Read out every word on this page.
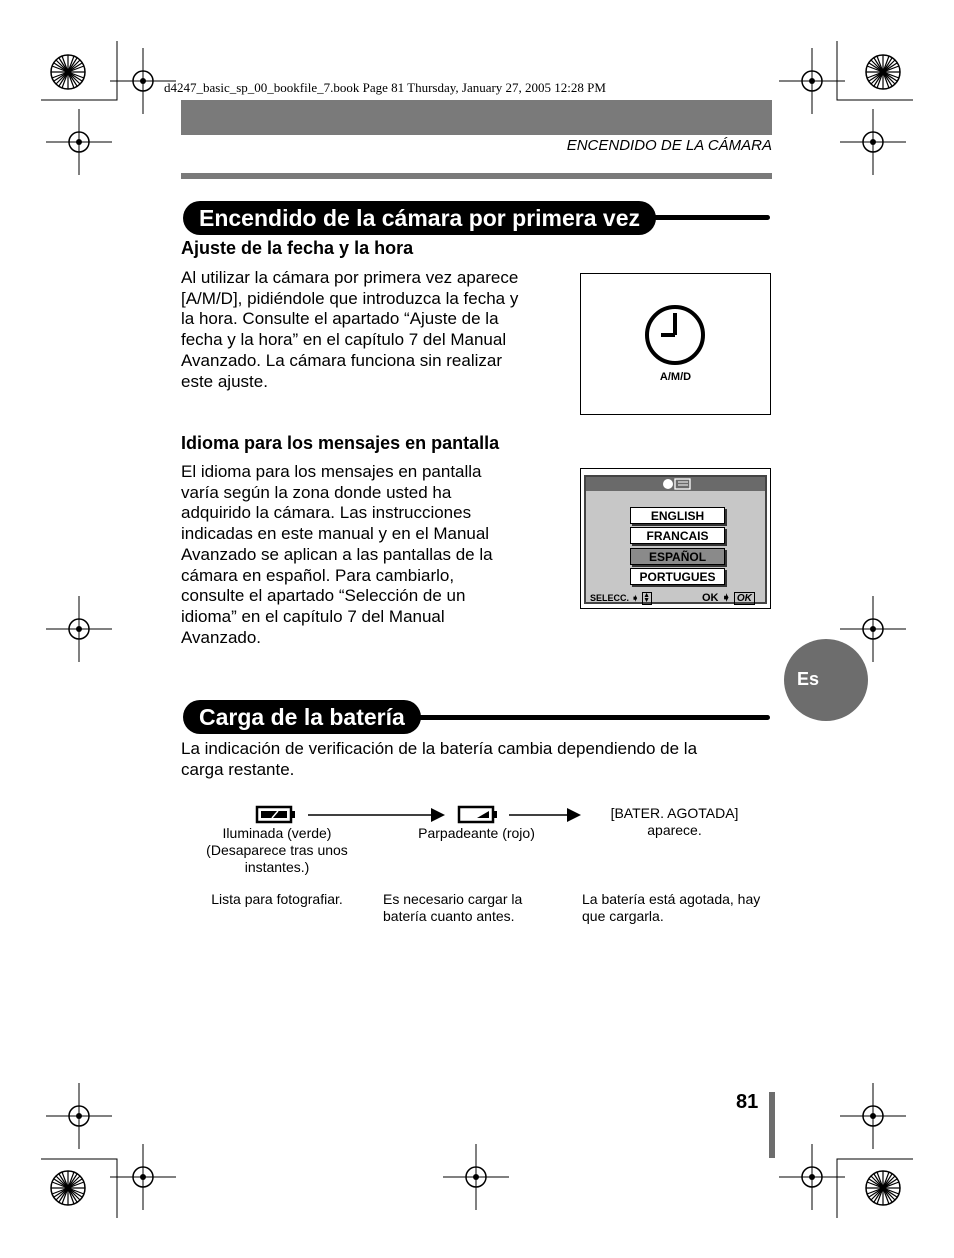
d4247_basic_sp_00_bookfile_7.book Page 81 Thursday, January 27, 2005 12:28 PM
ENCENDIDO DE LA CÁMARA
Encendido de la cámara por primera vez
Ajuste de la fecha y la hora

Al utilizar la cámara por primera vez aparece

[A/M/D], pidiéndole que introduzca la fecha y

la hora. Consulte el apartado “Ajuste de la

fecha y la hora” en el capítulo 7 del Manual

Avanzado. La cámara funciona sin realizar

este ajuste.	A/M/D
Idioma para los mensajes en pantalla

El idioma para los mensajes en pantalla

varía según la zona donde usted ha

adquirido la cámara. Las instrucciones

indicadas en este manual y en el Manual

Avanzado se aplican a las pantallas de la

cámara en español. Para cambiarlo,

consulte el apartado “Selección de un

idioma” en el capítulo 7 del Manual

Avanzado.

ENGLISH
FRANCAIS
ESPAÑOL
PORTUGUES
SELECC. ➧ ▲
▼	OK ➧ OK
Es
Carga de la batería

La indicación de verificación de la batería cambia dependiendo de la

carga restante.

Iluminada (verde)
(Desaparece tras unos
instantes.)
Parpadeante (rojo)
[BATER. AGOTADA]
aparece.
Lista para fotografiar.	Es necesario cargar la
batería cuanto antes.
La batería está agotada, hay
que cargarla.
81
